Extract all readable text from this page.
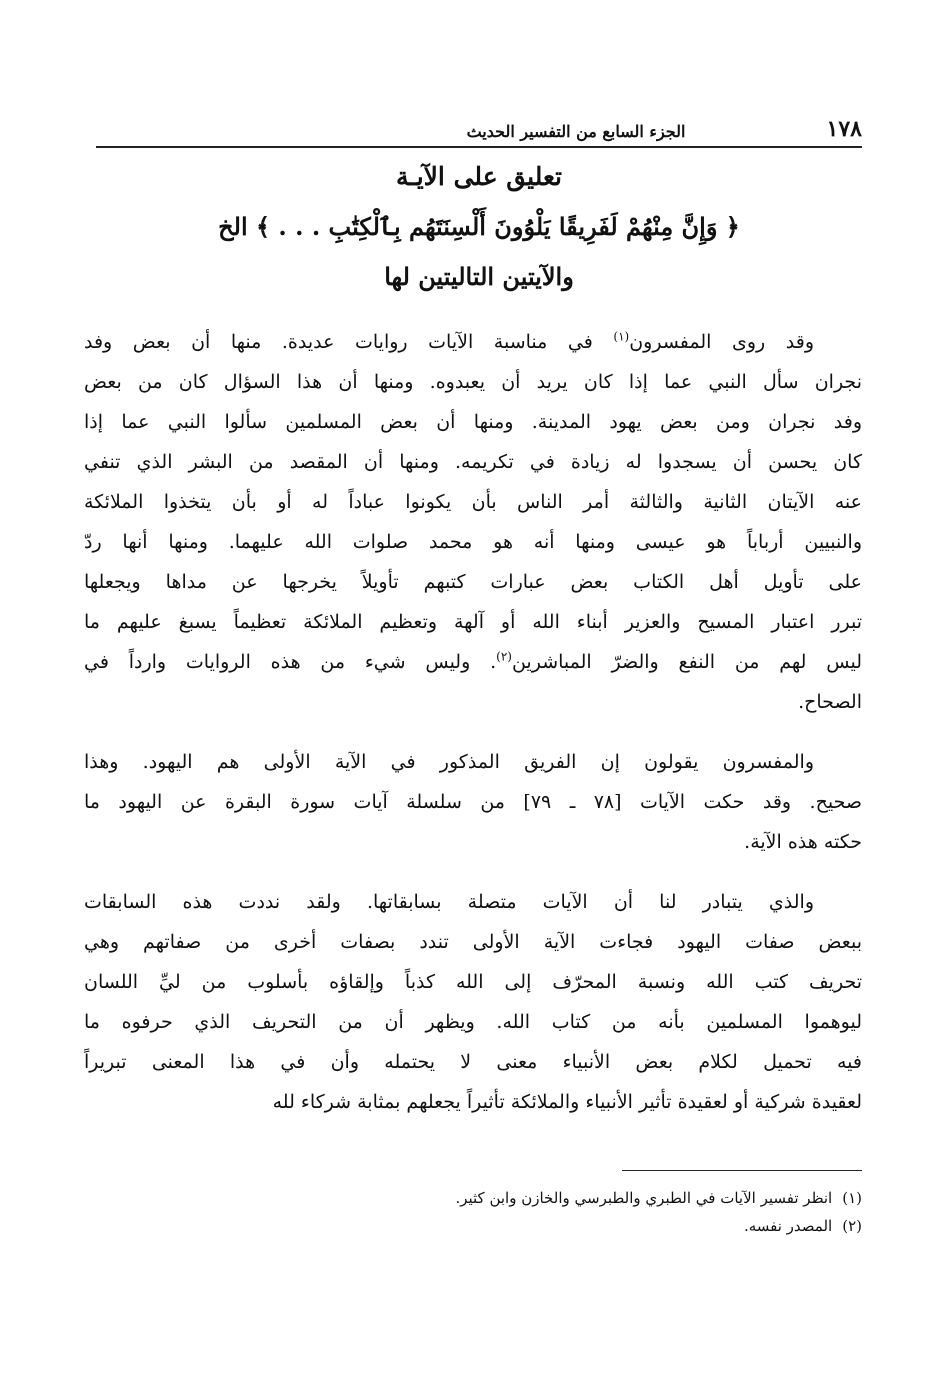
١٧٨
الجزء السابع من التفسير الحديث
تعليق على الآيـة
﴿ وَإِنَّ مِنْهُمْ لَفَرِيقًا يَلْوُونَ أَلْسِنَتَهُم بِٱلْكِتَٰبِ . . . ﴾ الخ
والآيتين التاليتين لها
وقد روى المفسرون$^{(١)}$ في مناسبة الآيات روايات عديدة. منها أن بعض وفد
نجران سأل النبي عما إذا كان يريد أن يعبدوه. ومنها أن هذا السؤال كان من بعض
وفد نجران ومن بعض يهود المدينة. ومنها أن بعض المسلمين سألوا النبي عما إذا
كان يحسن أن يسجدوا له زيادة في تكريمه. ومنها أن المقصد من البشر الذي تنفي
عنه الآيتان الثانية والثالثة أمر الناس بأن يكونوا عباداً له أو بأن يتخذوا الملائكة
والنبيين أرباباً هو عيسى ومنها أنه هو محمد صلوات الله عليهما. ومنها أنها ردّ
على تأويل أهل الكتاب بعض عبارات كتبهم تأويلاً يخرجها عن مداها ويجعلها
تبرر اعتبار المسيح والعزير أبناء الله أو آلهة وتعظيم الملائكة تعظيماً يسبغ عليهم ما
ليس لهم من النفع والضرّ المباشرين$^{(٢)}$. وليس شيء من هذه الروايات وارداً في
الصحاح.
والمفسرون يقولون إن الفريق المذكور في الآية الأولى هم اليهود. وهذا
صحيح. وقد حكت الآيات [٧٨ ـ ٧٩] من سلسلة آيات سورة البقرة عن اليهود ما
حكته هذه الآية.
والذي يتبادر لنا أن الآيات متصلة بسابقاتها. ولقد نددت هذه السابقات
ببعض صفات اليهود فجاءت الآية الأولى تندد بصفات أخرى من صفاتهم وهي
تحريف كتب الله ونسبة المحرّف إلى الله كذباً وإلقاؤه بأسلوب من ليِّ اللسان
ليوهموا المسلمين بأنه من كتاب الله. ويظهر أن من التحريف الذي حرفوه ما
فيه تحميل لكلام بعض الأنبياء معنى لا يحتمله وأن في هذا المعنى تبريراً
لعقيدة شركية أو لعقيدة تأثير الأنبياء والملائكة تأثيراً يجعلهم بمثابة شركاء لله
(١)انظر تفسير الآيات في الطبري والطبرسي والخازن وابن كثير.
(٢)المصدر نفسه.
